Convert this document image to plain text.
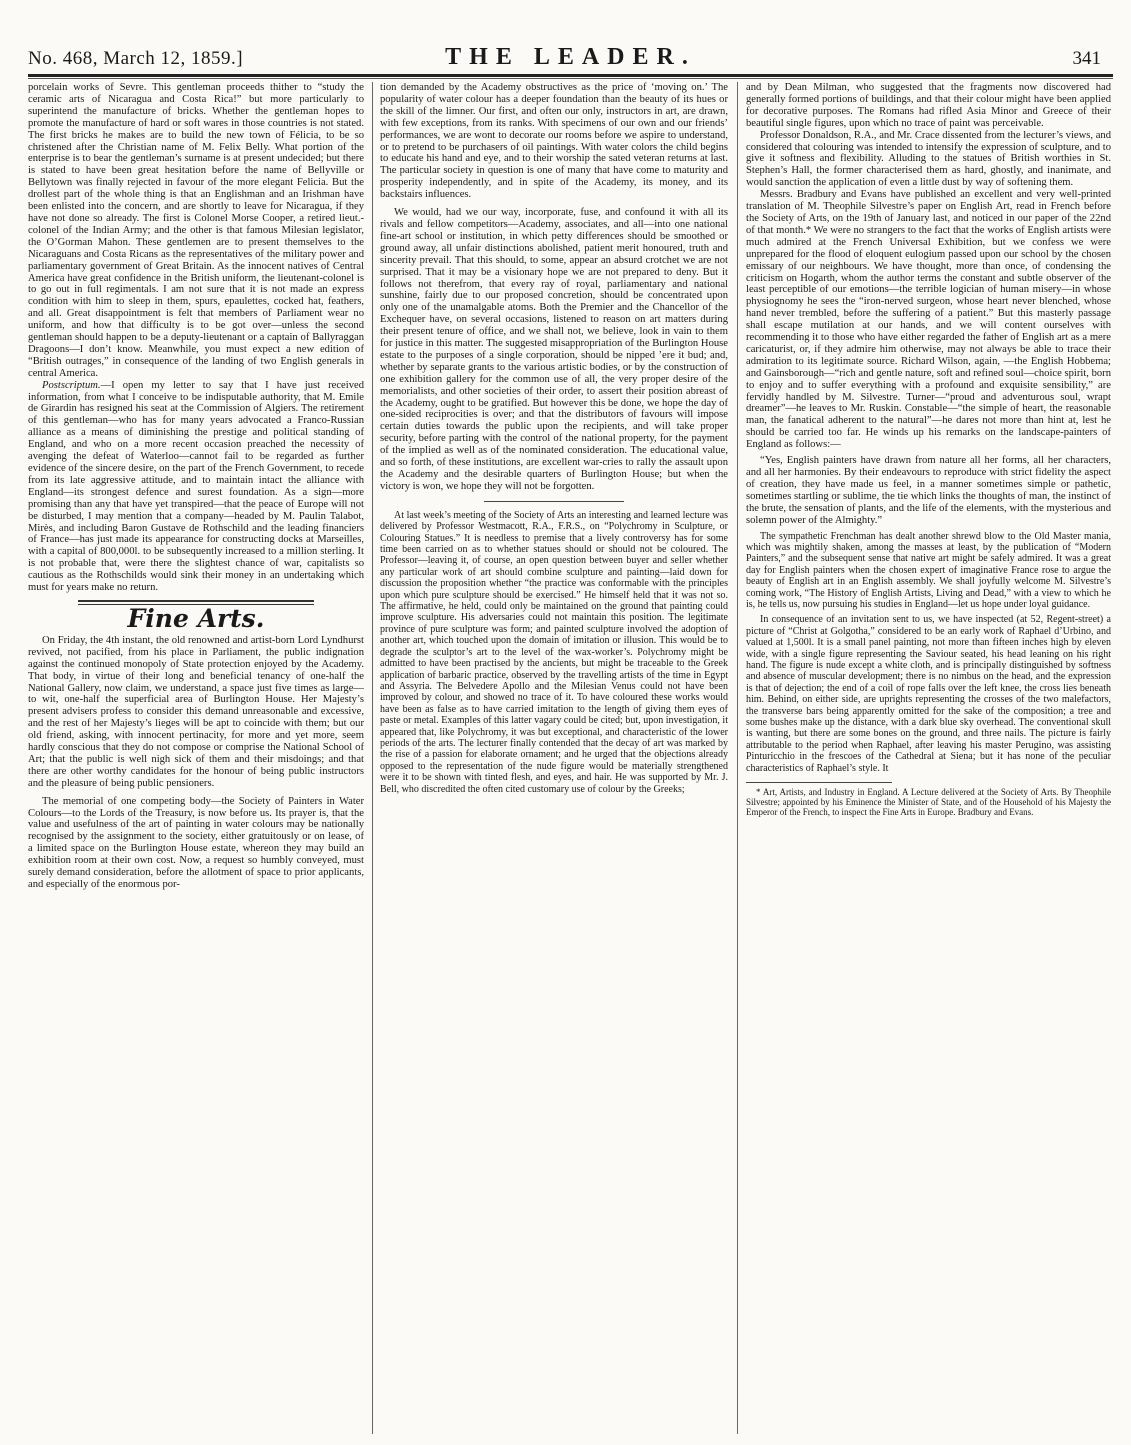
No. 468, March 12, 1859.]	THE LEADER.	341

porcelain works of Sevre. This gentleman proceeds thither to “study the ceramic arts of Nicaragua and Costa Rica!” but more particularly to superintend the manufacture of bricks. Whether the gentleman hopes to promote the manufacture of hard or soft wares in those countries is not stated. The first bricks he makes are to build the new town of Félicia, to be so christened after the Christian name of M. Felix Belly. What portion of the enterprise is to bear the gentleman’s surname is at present undecided; but there is stated to have been great hesitation before the name of Bellyville or Bellytown was finally rejected in favour of the more elegant Felicia. But the drollest part of the whole thing is that an Englishman and an Irishman have been enlisted into the concern, and are shortly to leave for Nicaragua, if they have not done so already. The first is Colonel Morse Cooper, a retired lieut.-colonel of the Indian Army; and the other is that famous Milesian legislator, the O’Gorman Mahon. These gentlemen are to present themselves to the Nicaraguans and Costa Ricans as the representatives of the military power and parliamentary government of Great Britain. As the innocent natives of Central America have great confidence in the British uniform, the lieutenant-colonel is to go out in full regimentals. I am not sure that it is not made an express condition with him to sleep in them, spurs, epaulettes, cocked hat, feathers, and all. Great disappointment is felt that members of Parliament wear no uniform, and how that difficulty is to be got over—unless the second gentleman should happen to be a deputy-lieutenant or a captain of Ballyraggan Dragoons—I don’t know. Meanwhile, you must expect a new edition of “British outrages,” in consequence of the landing of two English generals in central America.

Postscriptum.—I open my letter to say that I have just received information, from what I conceive to be indisputable authority, that M. Emile de Girardin has resigned his seat at the Commission of Algiers. The retirement of this gentleman—who has for many years advocated a Franco-Russian alliance as a means of diminishing the prestige and political standing of England, and who on a more recent occasion preached the necessity of avenging the defeat of Waterloo—cannot fail to be regarded as further evidence of the sincere desire, on the part of the French Government, to recede from its late aggressive attitude, and to maintain intact the alliance with England—its strongest defence and surest foundation. As a sign—more promising than any that have yet transpired—that the peace of Europe will not be disturbed, I may mention that a company—headed by M. Paulin Talabot, Mirès, and including Baron Gustave de Rothschild and the leading financiers of France—has just made its appearance for constructing docks at Marseilles, with a capital of 800,000l. to be subsequently increased to a million sterling. It is not probable that, were there the slightest chance of war, capitalists so cautious as the Rothschilds would sink their money in an undertaking which must for years make no return.

Fine Arts.

On Friday, the 4th instant, the old renowned and artist-born Lord Lyndhurst revived, not pacified, from his place in Parliament, the public indignation against the continued monopoly of State protection enjoyed by the Academy. That body, in virtue of their long and beneficial tenancy of one-half the National Gallery, now claim, we understand, a space just five times as large—to wit, one-half the superficial area of Burlington House. Her Majesty’s present advisers profess to consider this demand unreasonable and excessive, and the rest of her Majesty’s lieges will be apt to coincide with them; but our old friend, asking, with innocent pertinacity, for more and yet more, seem hardly conscious that they do not compose or comprise the National School of Art; that the public is well nigh sick of them and their misdoings; and that there are other worthy candidates for the honour of being public instructors and the pleasure of being public pensioners.

The memorial of one competing body—the Society of Painters in Water Colours—to the Lords of the Treasury, is now before us. Its prayer is, that the value and usefulness of the art of painting in water colours may be nationally recognised by the assignment to the society, either gratuitously or on lease, of a limited space on the Burlington House estate, whereon they may build an exhibition room at their own cost. Now, a request so humbly conveyed, must surely demand consideration, before the allotment of space to prior applicants, and especially of the enormous por-

tion demanded by the Academy obstructives as the price of ‘moving on.’ The popularity of water colour has a deeper foundation than the beauty of its hues or the skill of the limner. Our first, and often our only, instructors in art, are drawn, with few exceptions, from its ranks. With specimens of our own and our friends’ performances, we are wont to decorate our rooms before we aspire to understand, or to pretend to be purchasers of oil paintings. With water colors the child begins to educate his hand and eye, and to their worship the sated veteran returns at last. The particular society in question is one of many that have come to maturity and prosperity independently, and in spite of the Academy, its money, and its backstairs influences.

We would, had we our way, incorporate, fuse, and confound it with all its rivals and fellow competitors—Academy, associates, and all—into one national fine-art school or institution, in which petty differences should be smoothed or ground away, all unfair distinctions abolished, patient merit honoured, truth and sincerity prevail. That this should, to some, appear an absurd crotchet we are not surprised. That it may be a visionary hope we are not prepared to deny. But it follows not therefrom, that every ray of royal, parliamentary and national sunshine, fairly due to our proposed concretion, should be concentrated upon only one of the unamalgable atoms. Both the Premier and the Chancellor of the Exchequer have, on several occasions, listened to reason on art matters during their present tenure of office, and we shall not, we believe, look in vain to them for justice in this matter. The suggested misappropriation of the Burlington House estate to the purposes of a single corporation, should be nipped ’ere it bud; and, whether by separate grants to the various artistic bodies, or by the construction of one exhibition gallery for the common use of all, the very proper desire of the memorialists, and other societies of their order, to assert their position abreast of the Academy, ought to be gratified. But however this be done, we hope the day of one-sided reciprocities is over; and that the distributors of favours will impose certain duties towards the public upon the recipients, and will take proper security, before parting with the control of the national property, for the payment of the implied as well as of the nominated consideration. The educational value, and so forth, of these institutions, are excellent war-cries to rally the assault upon the Academy and the desirable quarters of Burlington House; but when the victory is won, we hope they will not be forgotten.

At last week’s meeting of the Society of Arts an interesting and learned lecture was delivered by Professor Westmacott, R.A., F.R.S., on “Polychromy in Sculpture, or Colouring Statues.” It is needless to premise that a lively controversy has for some time been carried on as to whether statues should or should not be coloured. The Professor—leaving it, of course, an open question between buyer and seller whether any particular work of art should combine sculpture and painting—laid down for discussion the proposition whether “the practice was conformable with the principles upon which pure sculpture should be exercised.” He himself held that it was not so. The affirmative, he held, could only be maintained on the ground that painting could improve sculpture. His adversaries could not maintain this position. The legitimate province of pure sculpture was form; and painted sculpture involved the adoption of another art, which touched upon the domain of imitation or illusion. This would be to degrade the sculptor’s art to the level of the wax-worker’s. Polychromy might be admitted to have been practised by the ancients, but might be traceable to the Greek application of barbaric practice, observed by the travelling artists of the time in Egypt and Assyria. The Belvedere Apollo and the Milesian Venus could not have been improved by colour, and showed no trace of it. To have coloured these works would have been as false as to have carried imitation to the length of giving them eyes of paste or metal. Examples of this latter vagary could be cited; but, upon investigation, it appeared that, like Polychromy, it was but exceptional, and characteristic of the lower periods of the arts. The lecturer finally contended that the decay of art was marked by the rise of a passion for elaborate ornament; and he urged that the objections already opposed to the representation of the nude figure would be materially strengthened were it to be shown with tinted flesh, and eyes, and hair. He was supported by Mr. J. Bell, who discredited the often cited customary use of colour by the Greeks;

and by Dean Milman, who suggested that the fragments now discovered had generally formed portions of buildings, and that their colour might have been applied for decorative purposes. The Romans had rifled Asia Minor and Greece of their beautiful single figures, upon which no trace of paint was perceivable.

Professor Donaldson, R.A., and Mr. Crace dissented from the lecturer’s views, and considered that colouring was intended to intensify the expression of sculpture, and to give it softness and flexibility. Alluding to the statues of British worthies in St. Stephen’s Hall, the former characterised them as hard, ghostly, and inanimate, and would sanction the application of even a little dust by way of softening them.

Messrs. Bradbury and Evans have published an excellent and very well-printed translation of M. Theophile Silvestre’s paper on English Art, read in French before the Society of Arts, on the 19th of January last, and noticed in our paper of the 22nd of that month.* We were no strangers to the fact that the works of English artists were much admired at the French Universal Exhibition, but we confess we were unprepared for the flood of eloquent eulogium passed upon our school by the chosen emissary of our neighbours. We have thought, more than once, of condensing the criticism on Hogarth, whom the author terms the constant and subtle observer of the least perceptible of our emotions—the terrible logician of human misery—in whose physiognomy he sees the “iron-nerved surgeon, whose heart never blenched, whose hand never trembled, before the suffering of a patient.” But this masterly passage shall escape mutilation at our hands, and we will content ourselves with recommending it to those who have either regarded the father of English art as a mere caricaturist, or, if they admire him otherwise, may not always be able to trace their admiration to its legitimate source. Richard Wilson, again, —the English Hobbema; and Gainsborough—“rich and gentle nature, soft and refined soul—choice spirit, born to enjoy and to suffer everything with a profound and exquisite sensibility,” are fervidly handled by M. Silvestre. Turner—“proud and adventurous soul, wrapt dreamer”—he leaves to Mr. Ruskin. Constable—“the simple of heart, the reasonable man, the fanatical adherent to the natural”—he dares not more than hint at, lest he should be carried too far. He winds up his remarks on the landscape-painters of England as follows:—

“Yes, English painters have drawn from nature all her forms, all her characters, and all her harmonies. By their endeavours to reproduce with strict fidelity the aspect of creation, they have made us feel, in a manner sometimes simple or pathetic, sometimes startling or sublime, the tie which links the thoughts of man, the instinct of the brute, the sensation of plants, and the life of the elements, with the mysterious and solemn power of the Almighty.”

The sympathetic Frenchman has dealt another shrewd blow to the Old Master mania, which was mightily shaken, among the masses at least, by the publication of “Modern Painters,” and the subsequent sense that native art might be safely admired. It was a great day for English painters when the chosen expert of imaginative France rose to argue the beauty of English art in an English assembly. We shall joyfully welcome M. Silvestre’s coming work, “The History of English Artists, Living and Dead,” with a view to which he is, he tells us, now pursuing his studies in England—let us hope under loyal guidance.

In consequence of an invitation sent to us, we have inspected (at 52, Regent-street) a picture of “Christ at Golgotha,” considered to be an early work of Raphael d’Urbino, and valued at 1,500l. It is a small panel painting, not more than fifteen inches high by eleven wide, with a single figure representing the Saviour seated, his head leaning on his right hand. The figure is nude except a white cloth, and is principally distinguished by softness and absence of muscular development; there is no nimbus on the head, and the expression is that of dejection; the end of a coil of rope falls over the left knee, the cross lies beneath him. Behind, on either side, are uprights representing the crosses of the two malefactors, the transverse bars being apparently omitted for the sake of the composition; a tree and some bushes make up the distance, with a dark blue sky overhead. The conventional skull is wanting, but there are some bones on the ground, and three nails. The picture is fairly attributable to the period when Raphael, after leaving his master Perugino, was assisting Pinturicchio in the frescoes of the Cathedral at Siena; but it has none of the peculiar characteristics of Raphael’s style. It

* Art, Artists, and Industry in England. A Lecture delivered at the Society of Arts. By Theophile Silvestre; appointed by his Eminence the Minister of State, and of the Household of his Majesty the Emperor of the French, to inspect the Fine Arts in Europe. Bradbury and Evans.
